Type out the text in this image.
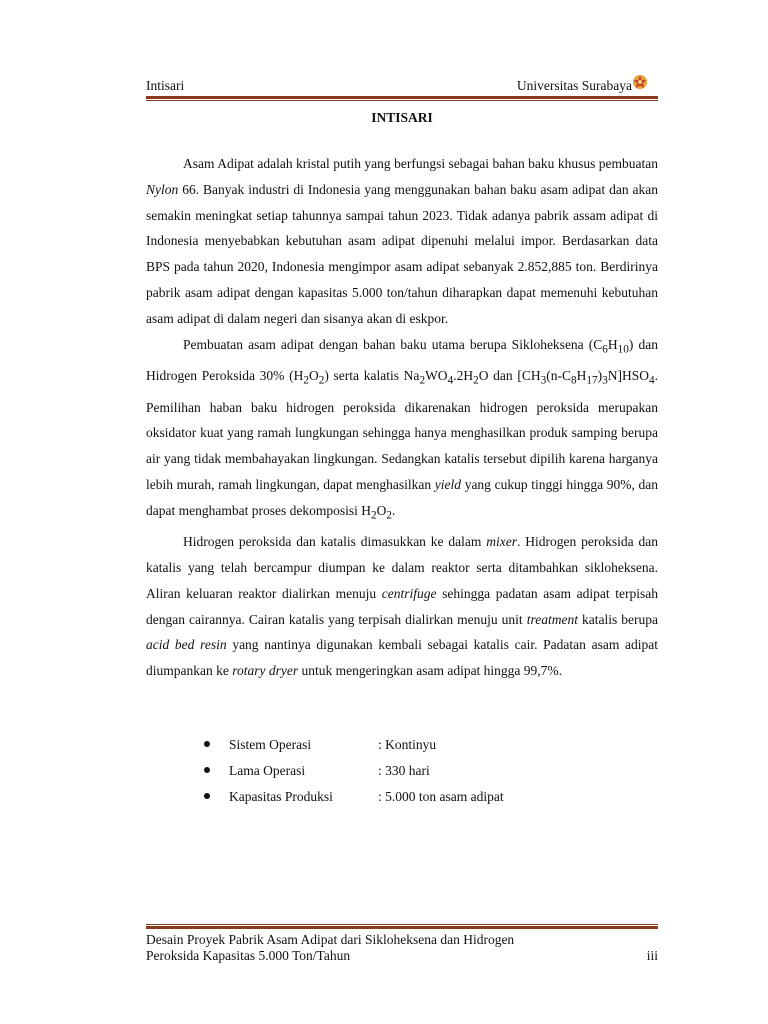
Intisari	Universitas Surabaya
INTISARI

Asam Adipat adalah kristal putih yang berfungsi sebagai bahan baku khusus pembuatan Nylon 66. Banyak industri di Indonesia yang menggunakan bahan baku asam adipat dan akan semakin meningkat setiap tahunnya sampai tahun 2023. Tidak adanya pabrik assam adipat di Indonesia menyebabkan kebutuhan asam adipat dipenuhi melalui impor. Berdasarkan data BPS pada tahun 2020, Indonesia mengimpor asam adipat sebanyak 2.852,885 ton. Berdirinya pabrik asam adipat dengan kapasitas 5.000 ton/tahun diharapkan dapat memenuhi kebutuhan asam adipat di dalam negeri dan sisanya akan di eskpor.

Pembuatan asam adipat dengan bahan baku utama berupa Sikloheksena $(C_6H_{10})$ dan Hidrogen Peroksida 30% $(H_2O_2)$ serta kalatis $Na_2WO_4.2H_2O$ dan $[CH_3(n-C_8H_{17})_3N]HSO_4$. Pemilihan haban baku hidrogen peroksida dikarenakan hidrogen peroksida merupakan oksidator kuat yang ramah lungkungan sehingga hanya menghasilkan produk samping berupa air yang tidak membahayakan lingkungan. Sedangkan katalis tersebut dipilih karena harganya lebih murah, ramah lingkungan, dapat menghasilkan yield yang cukup tinggi hingga 90%, dan dapat menghambat proses dekomposisi $H_2O_2$.

Hidrogen peroksida dan katalis dimasukkan ke dalam mixer. Hidrogen peroksida dan katalis yang telah bercampur diumpan ke dalam reaktor serta ditambahkan sikloheksena. Aliran keluaran reaktor dialirkan menuju centrifuge sehingga padatan asam adipat terpisah dengan cairannya. Cairan katalis yang terpisah dialirkan menuju unit treatment katalis berupa acid bed resin yang nantinya digunakan kembali sebagai katalis cair. Padatan asam adipat diumpankan ke rotary dryer untuk mengeringkan asam adipat hingga 99,7%.

Sistem Operasi	: Kontinyu
Lama Operasi	: 330 hari
Kapasitas Produksi	: 5.000 ton asam adipat
Desain Proyek Pabrik Asam Adipat dari Sikloheksena dan Hidrogen
Peroksida Kapasitas 5.000 Ton/Tahun	iii
